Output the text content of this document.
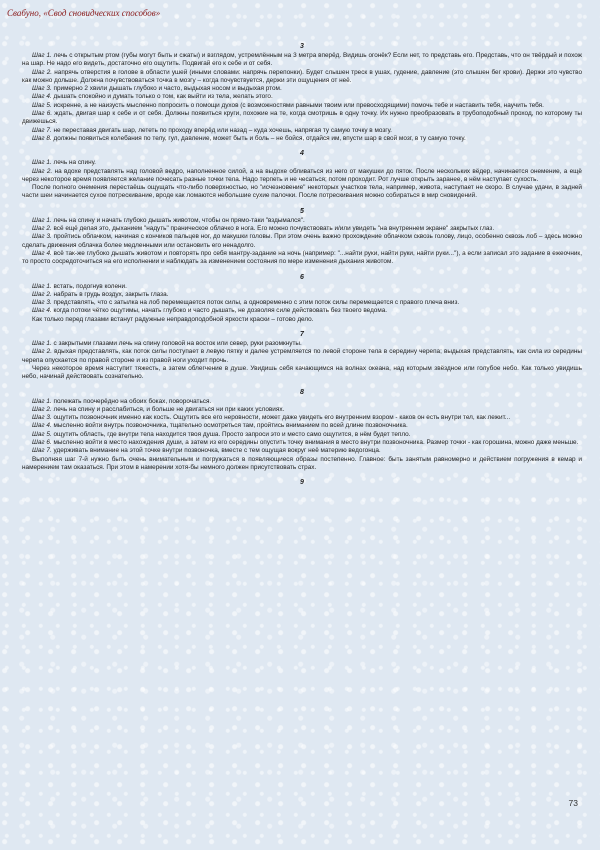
Свабуно, «Свод сновидческих способов»
3

Шаг 1. лечь с открытым ртом (губы могут быть и сжаты) и взглядом, устремлённым на 3 метра вперёд. Видишь огонёк? Если нет, то представь его. Представь, что он твёрдый и похож на шар. Не надо его видеть, достаточно его ощутить. Подвигай его к себе и от себя.

Шаг 2. напрячь отверстия в голове в области ушей (иными словами: напрячь перепонки). Будет слышен треск в ушах, гудение, давление (это слышен бег крови). Держи это чувство как можно дольше. Должна почувствоваться точка в мозгу – когда почувствуется, держи эти ощущения от неё.

Шаг 3. примерно 2 хвили дышать глубоко и часто, выдыхая носом и выдыхая ртом.

Шаг 4. дышать спокойно и думать только о том, как выйти из тела, желать этого.

Шаг 5. искренне, а не наизусть мысленно попросить о помощи духов (с возможностями равными твоим или превосходящими) помочь тебе и наставить тебя, научить тебя.

Шаг 6. ждать, двигая шар к себе и от себя. Должны появиться круги, похожие на те, когда смотришь в одну точку. Их нужно преобразовать в трубоподобный проход, по которому ты движешься.

Шаг 7. не переставая двигать шар, лететь по проходу вперёд или назад – куда хочешь, напрягая ту самую точку в мозгу.

Шаг 8. должны появиться колебания по телу, гул, давление, может быть и боль – не бойся, отдайся им, впусти шар в свой мозг, в ту самую точку.

4

Шаг 1. лечь на спину.

Шаг 2. на вдохе представлять над головой ведро, наполненное силой, а на выдохе обливаться из него от макушки до пяток. После нескольких вёдер, начинается онемение, а ещё через некоторое время появляется желание почесать разные точки тела. Надо терпеть и не чесаться; потом проходит. Рот лучше открыть заранее, в нём наступает сухость.

После полного онемения перестаёшь ощущать что-либо поверхностью, но "исчезновение" некоторых участков тела, например, живота, наступает не скоро. В случае удачи, в задней части шеи начинается сухое потрескивание, вроде как ломаются небольшие сухие палочки. После потрескивания можно собираться в мир сновидений.

5

Шаг 1. лечь на спину и начать глубоко дышать животом, чтобы он прямо-таки "вздымался".

Шаг 2. всё ещё делая это, дыханием "надуть" праническое облачко в нога. Его можно почувствовать и/или увидеть "на внутреннем экране" закрытых глаз.

Шаг 3. пройтись облачком, начиная с кончиков пальцев ног, до макушки головы. При этом очень важно прохождение облачком сквозь голову, лицо, особенно сквозь лоб – здесь можно сделать движения облачка более медленными или остановить его ненадолго.

Шаг 4. всё так-же глубоко дышать животом и повторять про себя мантру-задание на ночь (например: "...найти руки, найти руки, найти руки..."), а если записал это задание в ежеочник, то просто сосредоточиться на его исполнении и наблюдать за изменением состояния по мере изменения дыхания животом.

6

Шаг 1. встать, подогнув колени.

Шаг 2. набрать в грудь воздух, закрыть глаза.

Шаг 3. представлять, что с затылка на лоб перемещается поток силы, а одновременно с этим поток силы перемещается с правого плеча вниз.

Шаг 4. когда потоки чётко ощутимы, начать глубоко и часто дышать, не дозволяя силе действовать без твоего ведома.

Как только перед глазами встанут радужные неправдоподобной яркости краски – готово дело.

7

Шаг 1. с закрытыми глазами лечь на спину головой на восток или север, руки разомкнуты.

Шаг 2. вдыхая представлять, как поток силы поступает в левую пятку и далее устремляется по левой стороне тела в середину черепа; выдыхая представлять, как сила из середины черепа опускается по правой стороне и из правой ноги уходит прочь.

Через некоторое время наступит тяжесть, а затем облегчение в душе. Увидишь себя качающимся на волнах океана, над которым звёздное или голубое небо. Как только увидишь небо, начинай действовать сознательно.

8

Шаг 1. полежать поочерёдно на обоих боках, поворочаться.

Шаг 2. лечь на спину и расслабиться, и больше не двигаться ни при каких условиях.

Шаг 3. ощутить позвоночник именно как кость. Ощутить все его неровности, может даже увидеть его внутренним взором - каков он есть внутри тел, как лежит...

Шаг 4. мысленно войти внутрь позвоночника, тщательно осмотреться там, пройтись вниманием по всей длине позвоночника.

Шаг 5. ощутить область, где внутри тела находится твоя душа. Просто запроси это и место само ощутится, в нём будет тепло.

Шаг 6. мысленно войти в место нахождения души, а затем из его середины опустить точку внимания в место внутри позвоночника. Размер точки - как горошина, можно даже меньше.

Шаг 7. удерживать внимание на этой точке внутри позвоночка, вместе с тем ощущая вокруг неё материю ведогонца.

Выполняя шаг 7-й нужно быть очень внимательным и погружаться в появляющиеся образы постепенно. Главное: быть занятым равномерно и действием погружения в кемар и намерением там оказаться. При этом в намерении хотя-бы немного должен присутствовать страх.

9
73
